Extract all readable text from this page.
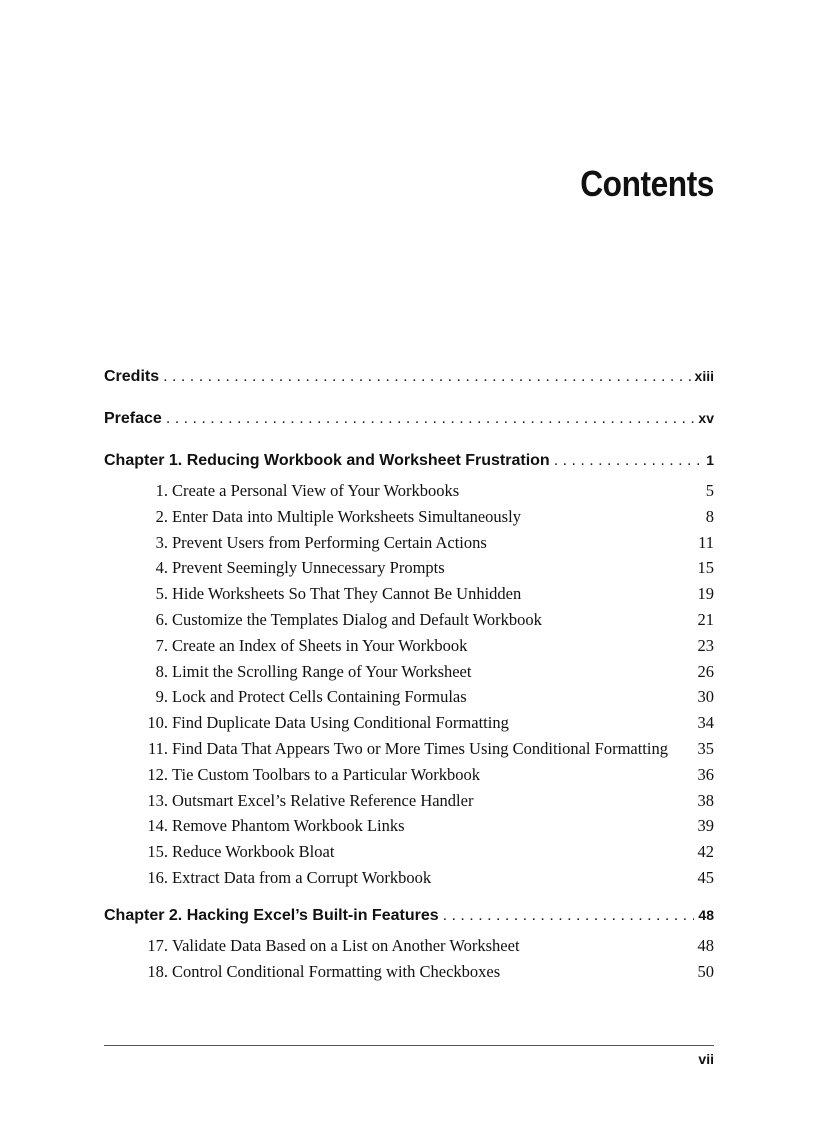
Contents
Credits . . .	xiii
Preface . . .	xv
Chapter 1. Reducing Workbook and Worksheet Frustration . . .	1
1. Create a Personal View of Your Workbooks	5
2. Enter Data into Multiple Worksheets Simultaneously	8
3. Prevent Users from Performing Certain Actions	11
4. Prevent Seemingly Unnecessary Prompts	15
5. Hide Worksheets So That They Cannot Be Unhidden	19
6. Customize the Templates Dialog and Default Workbook	21
7. Create an Index of Sheets in Your Workbook	23
8. Limit the Scrolling Range of Your Worksheet	26
9. Lock and Protect Cells Containing Formulas	30
10. Find Duplicate Data Using Conditional Formatting	34
11. Find Data That Appears Two or More Times Using Conditional Formatting	35
12. Tie Custom Toolbars to a Particular Workbook	36
13. Outsmart Excel’s Relative Reference Handler	38
14. Remove Phantom Workbook Links	39
15. Reduce Workbook Bloat	42
16. Extract Data from a Corrupt Workbook	45
Chapter 2. Hacking Excel’s Built-in Features . . .	48
17. Validate Data Based on a List on Another Worksheet	48
18. Control Conditional Formatting with Checkboxes	50
vii
